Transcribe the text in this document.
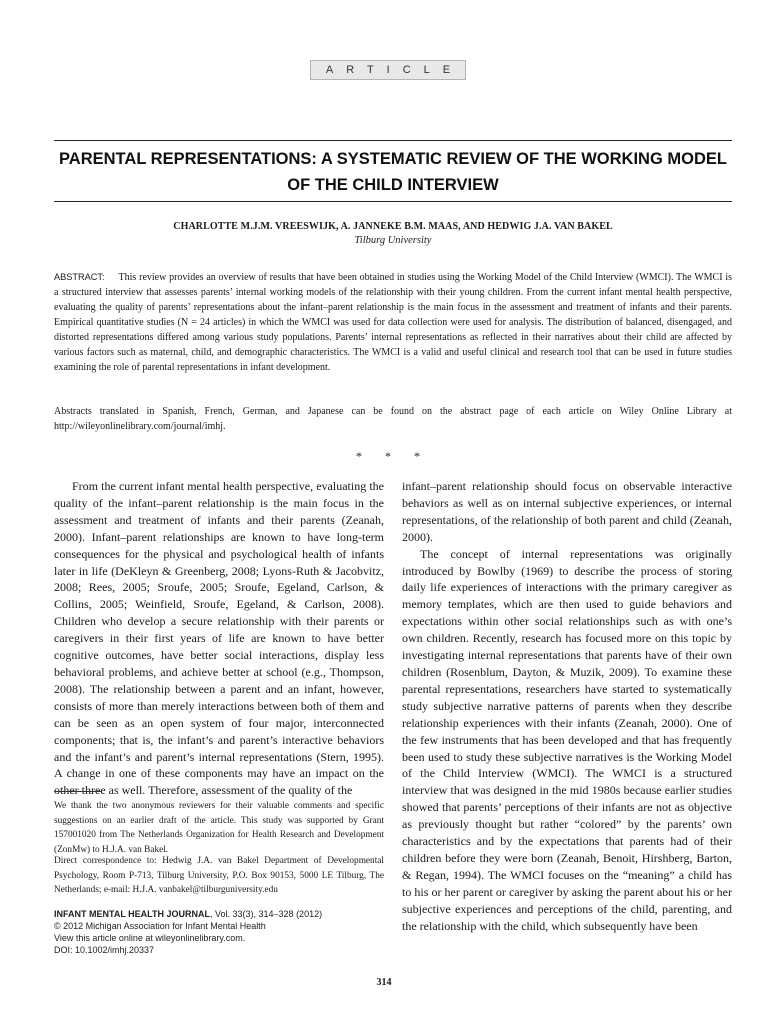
ARTICLE
PARENTAL REPRESENTATIONS: A SYSTEMATIC REVIEW OF THE WORKING MODEL OF THE CHILD INTERVIEW
CHARLOTTE M.J.M. VREESWIJK, A. JANNEKE B.M. MAAS, AND HEDWIG J.A. VAN BAKEL
Tilburg University
ABSTRACT: This review provides an overview of results that have been obtained in studies using the Working Model of the Child Interview (WMCI). The WMCI is a structured interview that assesses parents’ internal working models of the relationship with their young children. From the current infant mental health perspective, evaluating the quality of parents’ representations about the infant–parent relationship is the main focus in the assessment and treatment of infants and their parents. Empirical quantitative studies (N = 24 articles) in which the WMCI was used for data collection were used for analysis. The distribution of balanced, disengaged, and distorted representations differed among various study populations. Parents’ internal representations as reflected in their narratives about their child are affected by various factors such as maternal, child, and demographic characteristics. The WMCI is a valid and useful clinical and research tool that can be used in future studies examining the role of parental representations in infant development.
Abstracts translated in Spanish, French, German, and Japanese can be found on the abstract page of each article on Wiley Online Library at http://wileyonlinelibrary.com/journal/imhj.
* * *

From the current infant mental health perspective, evaluating the quality of the infant–parent relationship is the main focus in the assessment and treatment of infants and their parents (Zeanah, 2000). Infant–parent relationships are known to have long-term consequences for the physical and psychological health of infants later in life (DeKleyn & Greenberg, 2008; Lyons-Ruth & Jacobvitz, 2008; Rees, 2005; Sroufe, 2005; Sroufe, Egeland, Carlson, & Collins, 2005; Weinfield, Sroufe, Egeland, & Carlson, 2008). Children who develop a secure relationship with their parents or caregivers in their first years of life are known to have better cognitive outcomes, have better social interactions, display less behavioral problems, and achieve better at school (e.g., Thompson, 2008). The relationship between a parent and an infant, however, consists of more than merely interactions between both of them and can be seen as an open system of four major, interconnected components; that is, the infant’s and parent’s interactive behaviors and the infant’s and parent’s internal representations (Stern, 1995). A change in one of these components may have an impact on the other three as well. Therefore, assessment of the quality of the

infant–parent relationship should focus on observable interactive behaviors as well as on internal subjective experiences, or internal representations, of the relationship of both parent and child (Zeanah, 2000).

The concept of internal representations was originally introduced by Bowlby (1969) to describe the process of storing daily life experiences of interactions with the primary caregiver as memory templates, which are then used to guide behaviors and expectations within other social relationships such as with one’s own children. Recently, research has focused more on this topic by investigating internal representations that parents have of their own children (Rosenblum, Dayton, & Muzik, 2009). To examine these parental representations, researchers have started to systematically study subjective narrative patterns of parents when they describe relationship experiences with their infants (Zeanah, 2000). One of the few instruments that has been developed and that has frequently been used to study these subjective narratives is the Working Model of the Child Interview (WMCI). The WMCI is a structured interview that was designed in the mid 1980s because earlier studies showed that parents’ perceptions of their infants are not as objective as previously thought but rather “colored” by the parents’ own characteristics and by the expectations that parents had of their children before they were born (Zeanah, Benoit, Hirshberg, Barton, & Regan, 1994). The WMCI focuses on the “meaning” a child has to his or her parent or caregiver by asking the parent about his or her subjective experiences and perceptions of the child, parenting, and the relationship with the child, which subsequently have been

We thank the two anonymous reviewers for their valuable comments and specific suggestions on an earlier draft of the article. This study was supported by Grant 157001020 from The Netherlands Organization for Health Research and Development (ZonMw) to H.J.A. van Bakel.
Direct correspondence to: Hedwig J.A. van Bakel Department of Developmental Psychology, Room P-713, Tilburg University, P.O. Box 90153, 5000 LE Tilburg, The Netherlands; e-mail: H.J.A. vanbakel@tilburguniversity.edu
INFANT MENTAL HEALTH JOURNAL, Vol. 33(3), 314–328 (2012)
© 2012 Michigan Association for Infant Mental Health
View this article online at wileyonlinelibrary.com.
DOI: 10.1002/imhj.20337
314
